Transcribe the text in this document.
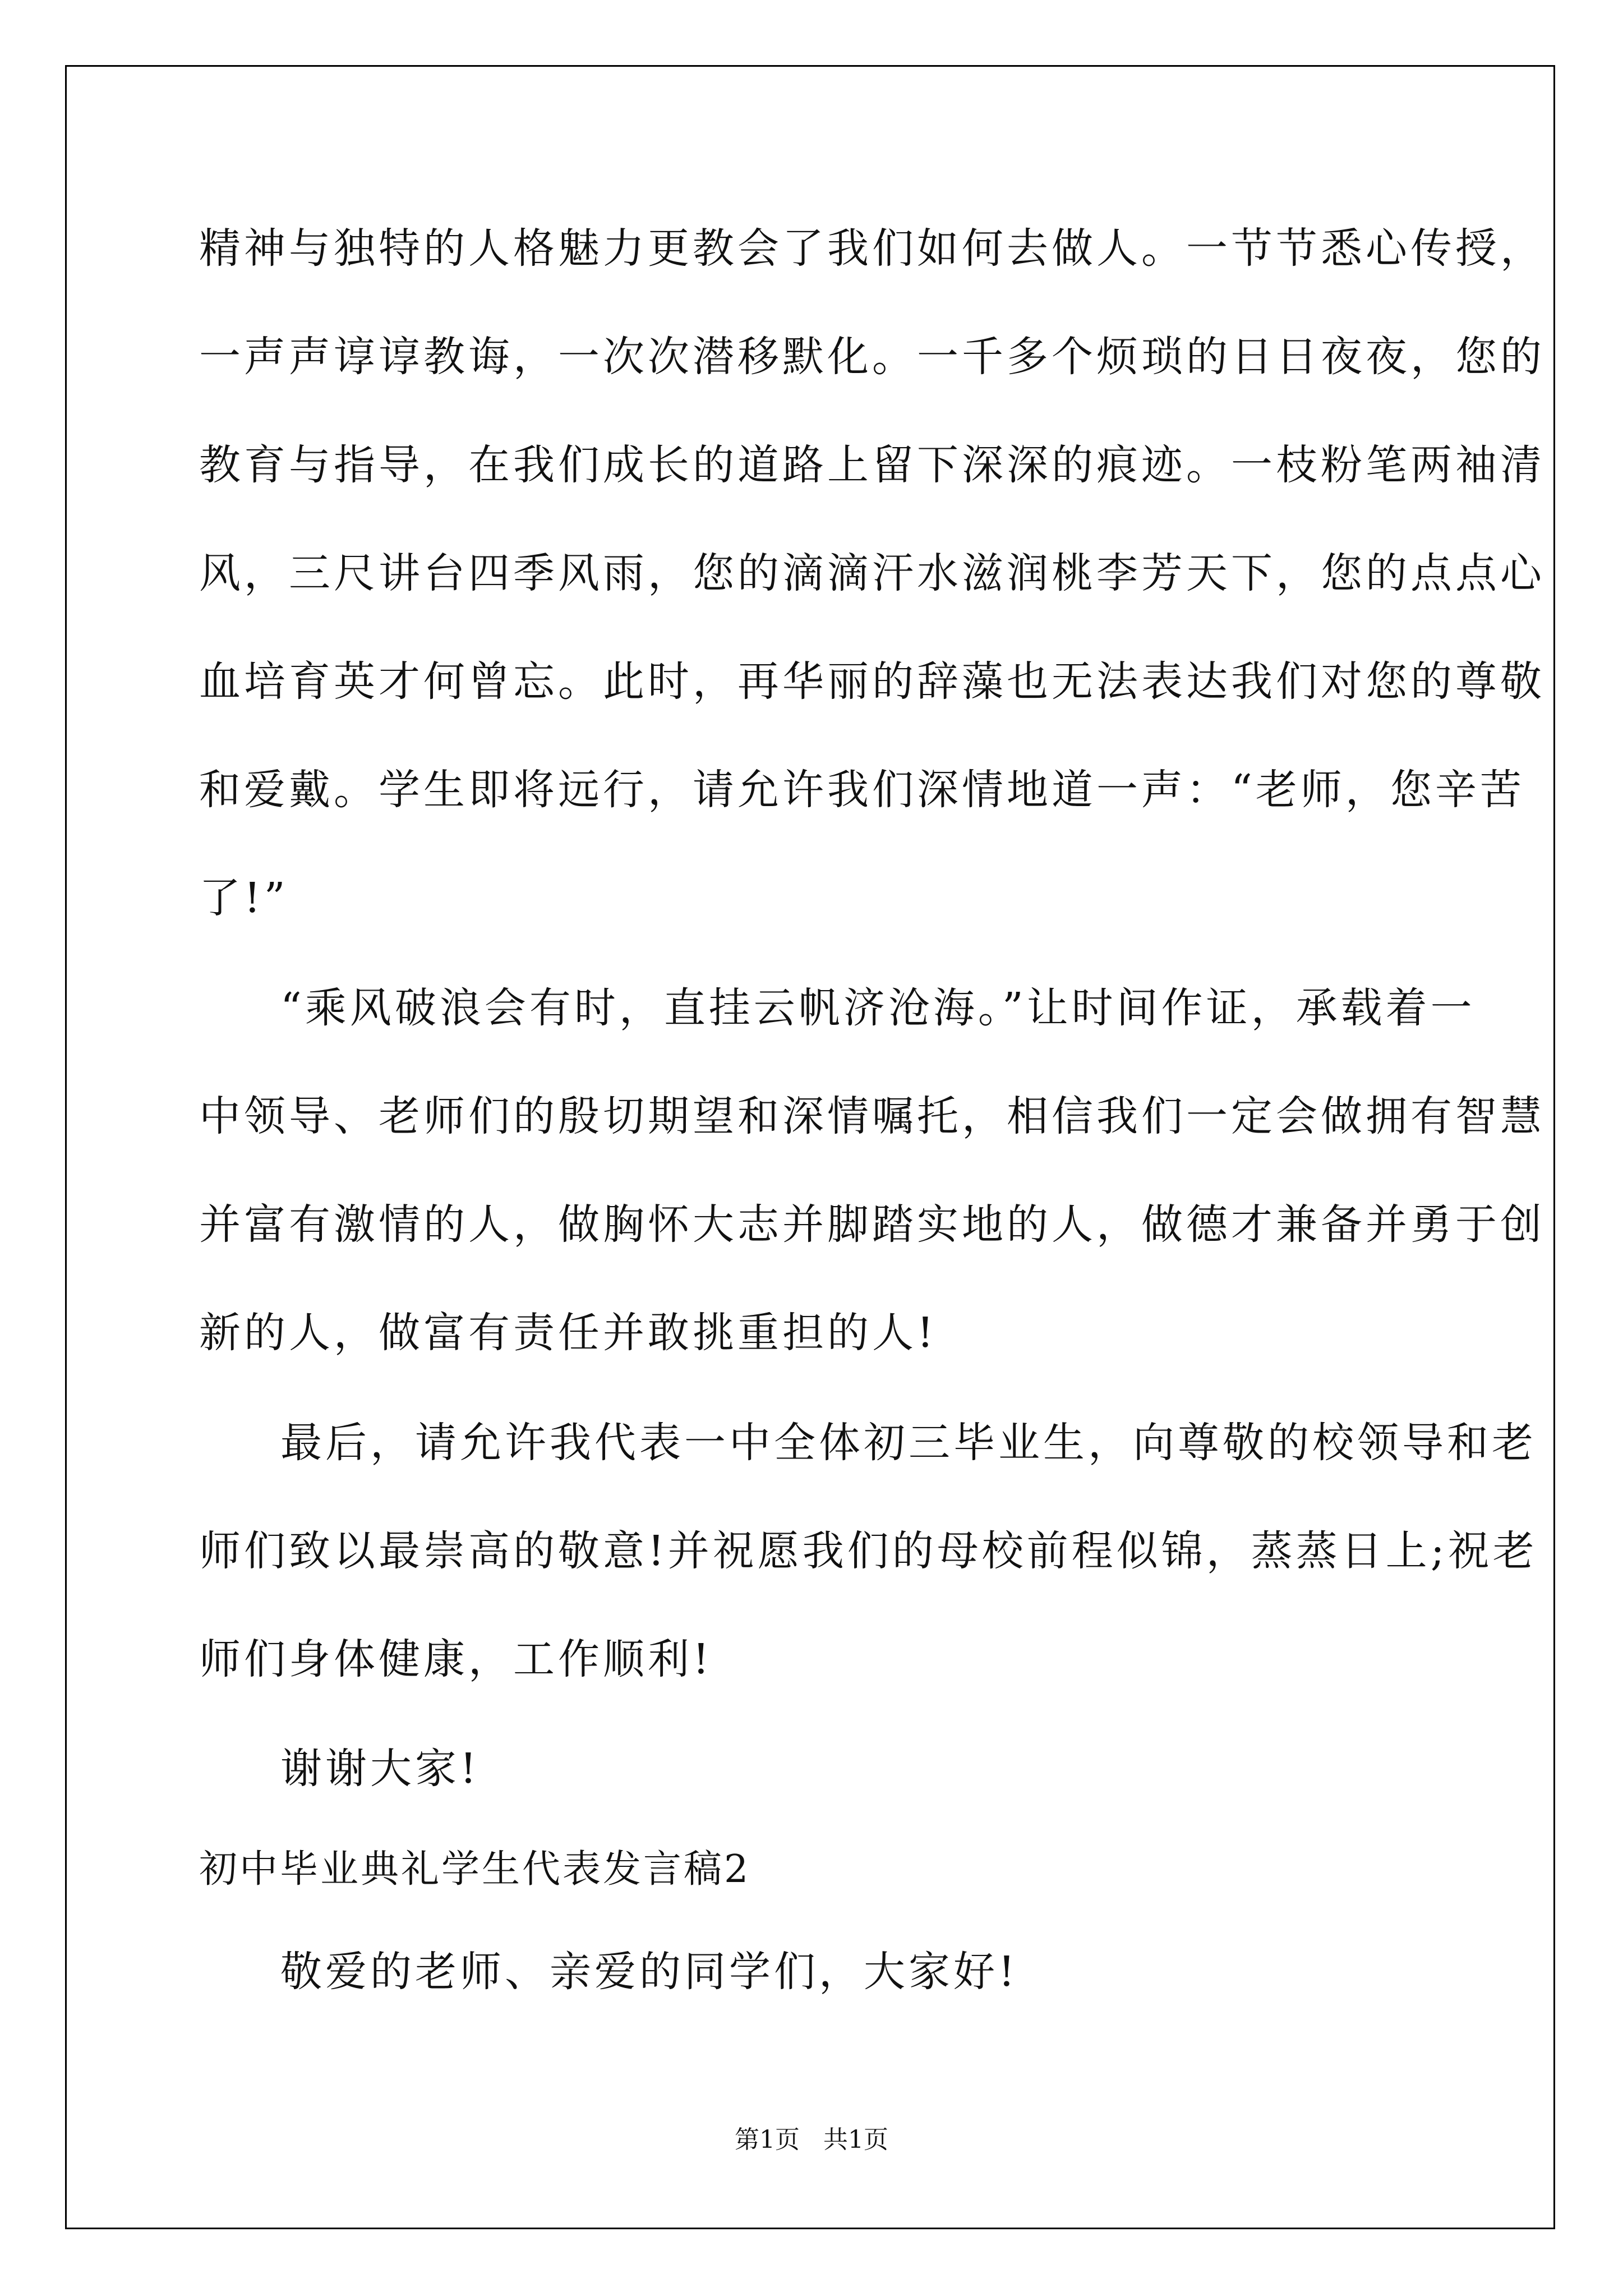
精神与独特的人格魅力更教会了我们如何去做人。一节节悉心传授，
一声声谆谆教诲，一次次潜移默化。一千多个烦琐的日日夜夜，您的
教育与指导，在我们成长的道路上留下深深的痕迹。一枝粉笔两袖清
风，三尺讲台四季风雨，您的滴滴汗水滋润桃李芳天下，您的点点心
血培育英才何曾忘。此时，再华丽的辞藻也无法表达我们对您的尊敬
和爱戴。学生即将远行，请允许我们深情地道一声：“老师，您辛苦
了!”
“乘风破浪会有时，直挂云帆济沧海。”让时间作证，承载着一
中领导、老师们的殷切期望和深情嘱托，相信我们一定会做拥有智慧
并富有激情的人，做胸怀大志并脚踏实地的人，做德才兼备并勇于创
新的人，做富有责任并敢挑重担的人!
最后，请允许我代表一中全体初三毕业生，向尊敬的校领导和老
师们致以最崇高的敬意!并祝愿我们的母校前程似锦，蒸蒸日上;祝老
师们身体健康，工作顺利!
谢谢大家!
初中毕业典礼学生代表发言稿2
敬爱的老师、亲爱的同学们，大家好!
第1页   共1页
